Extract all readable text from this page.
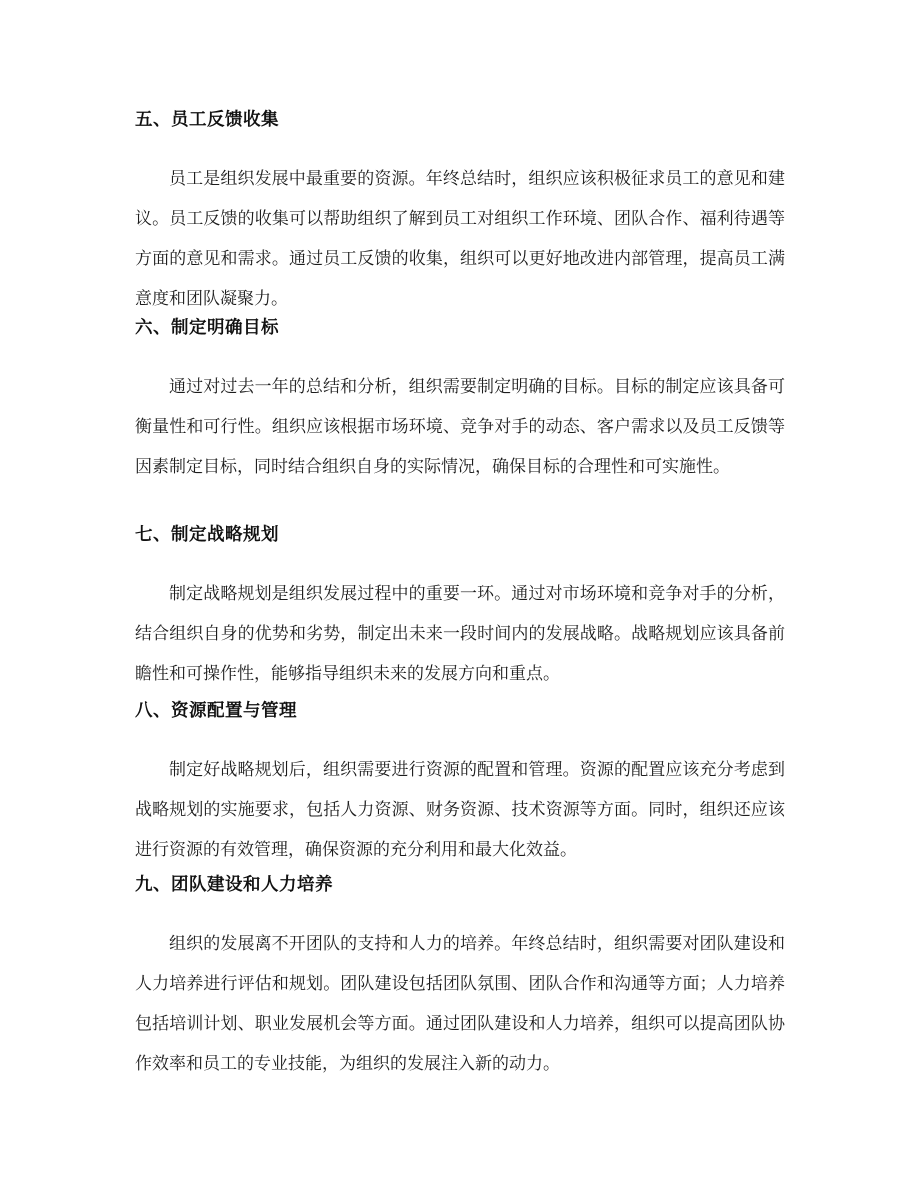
五、员工反馈收集

员工是组织发展中最重要的资源。年终总结时，组织应该积极征求员工的意见和建议。员工反馈的收集可以帮助组织了解到员工对组织工作环境、团队合作、福利待遇等方面的意见和需求。通过员工反馈的收集，组织可以更好地改进内部管理，提高员工满意度和团队凝聚力。

六、制定明确目标

通过对过去一年的总结和分析，组织需要制定明确的目标。目标的制定应该具备可衡量性和可行性。组织应该根据市场环境、竞争对手的动态、客户需求以及员工反馈等因素制定目标，同时结合组织自身的实际情况，确保目标的合理性和可实施性。

七、制定战略规划

制定战略规划是组织发展过程中的重要一环。通过对市场环境和竞争对手的分析，结合组织自身的优势和劣势，制定出未来一段时间内的发展战略。战略规划应该具备前瞻性和可操作性，能够指导组织未来的发展方向和重点。

八、资源配置与管理

制定好战略规划后，组织需要进行资源的配置和管理。资源的配置应该充分考虑到战略规划的实施要求，包括人力资源、财务资源、技术资源等方面。同时，组织还应该进行资源的有效管理，确保资源的充分利用和最大化效益。

九、团队建设和人力培养

组织的发展离不开团队的支持和人力的培养。年终总结时，组织需要对团队建设和人力培养进行评估和规划。团队建设包括团队氛围、团队合作和沟通等方面；人力培养包括培训计划、职业发展机会等方面。通过团队建设和人力培养，组织可以提高团队协作效率和员工的专业技能，为组织的发展注入新的动力。
